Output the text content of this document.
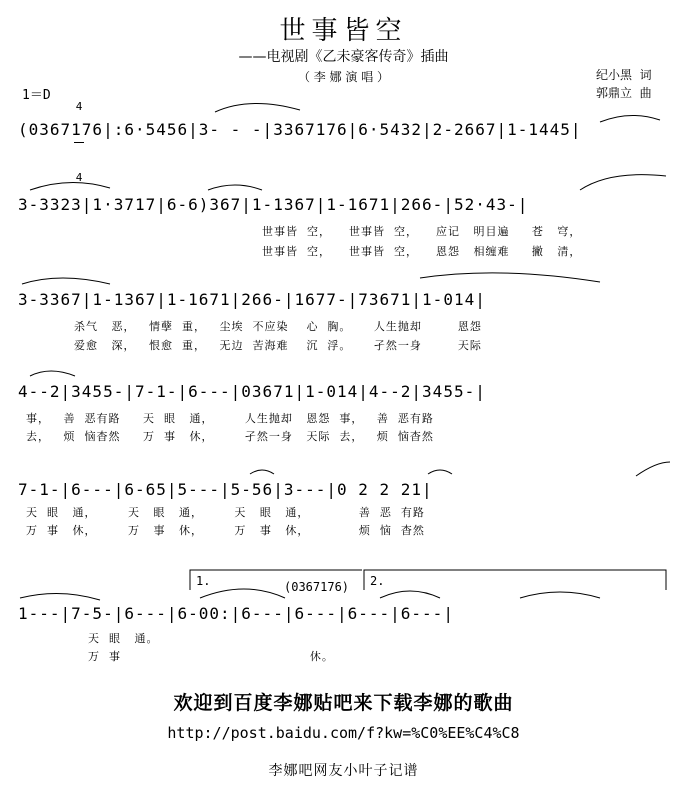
世事皆空
——电视剧《乙未豪客传奇》插曲
（ 李 娜 演 唱 ）	纪小黑  词
郭鼎立  曲
1＝D

4

4

(0367176|:6·5456|3- - -|3367176|6·5432|2-2667|1-1445|
3-3323|1·3717|6-6)367|1-1367|1-1671|266-|52·43-|
世事皆  空，    世事皆  空，    应记   明目遍     苍   穹，
世事皆  空，    世事皆  空，    恩怨   相缠难     撇   清，
3-3367|1-1367|1-1671|266-|1677-|73671|1-014|
杀气   恶，   情孽  重，   尘埃  不应染    心  胸。     人生抛却        恩怨
爱愈   深，   恨愈  重，   无边  苦海难    沉  浮。     孑然一身        天际
4--2|3455-|7-1-|6---|03671|1-014|4--2|3455-|
事，   善  恶有路     天  眼   通，       人生抛却   恩怨  事，   善  恶有路
去，   烦  恼杳然     万  事   休，       孑然一身   天际  去，   烦  恼杳然
7-1-|6---|6-65|5---|5-56|3---|0 2 2 21|
天  眼   通，       天   眼   通，       天   眼   通，           善  恶  有路
万  事   休，       万   事   休，       万   事   休，           烦  恼  杳然
1.	(0367176) 2.
1---|7-5-|6---|6-00:|6---|6---|6---|6---|
天  眼   通。
万  事                                          休。
欢迎到百度李娜贴吧来下载李娜的歌曲
http://post.baidu.com/f?kw=%C0%EE%C4%C8
李娜吧网友小叶子记谱
